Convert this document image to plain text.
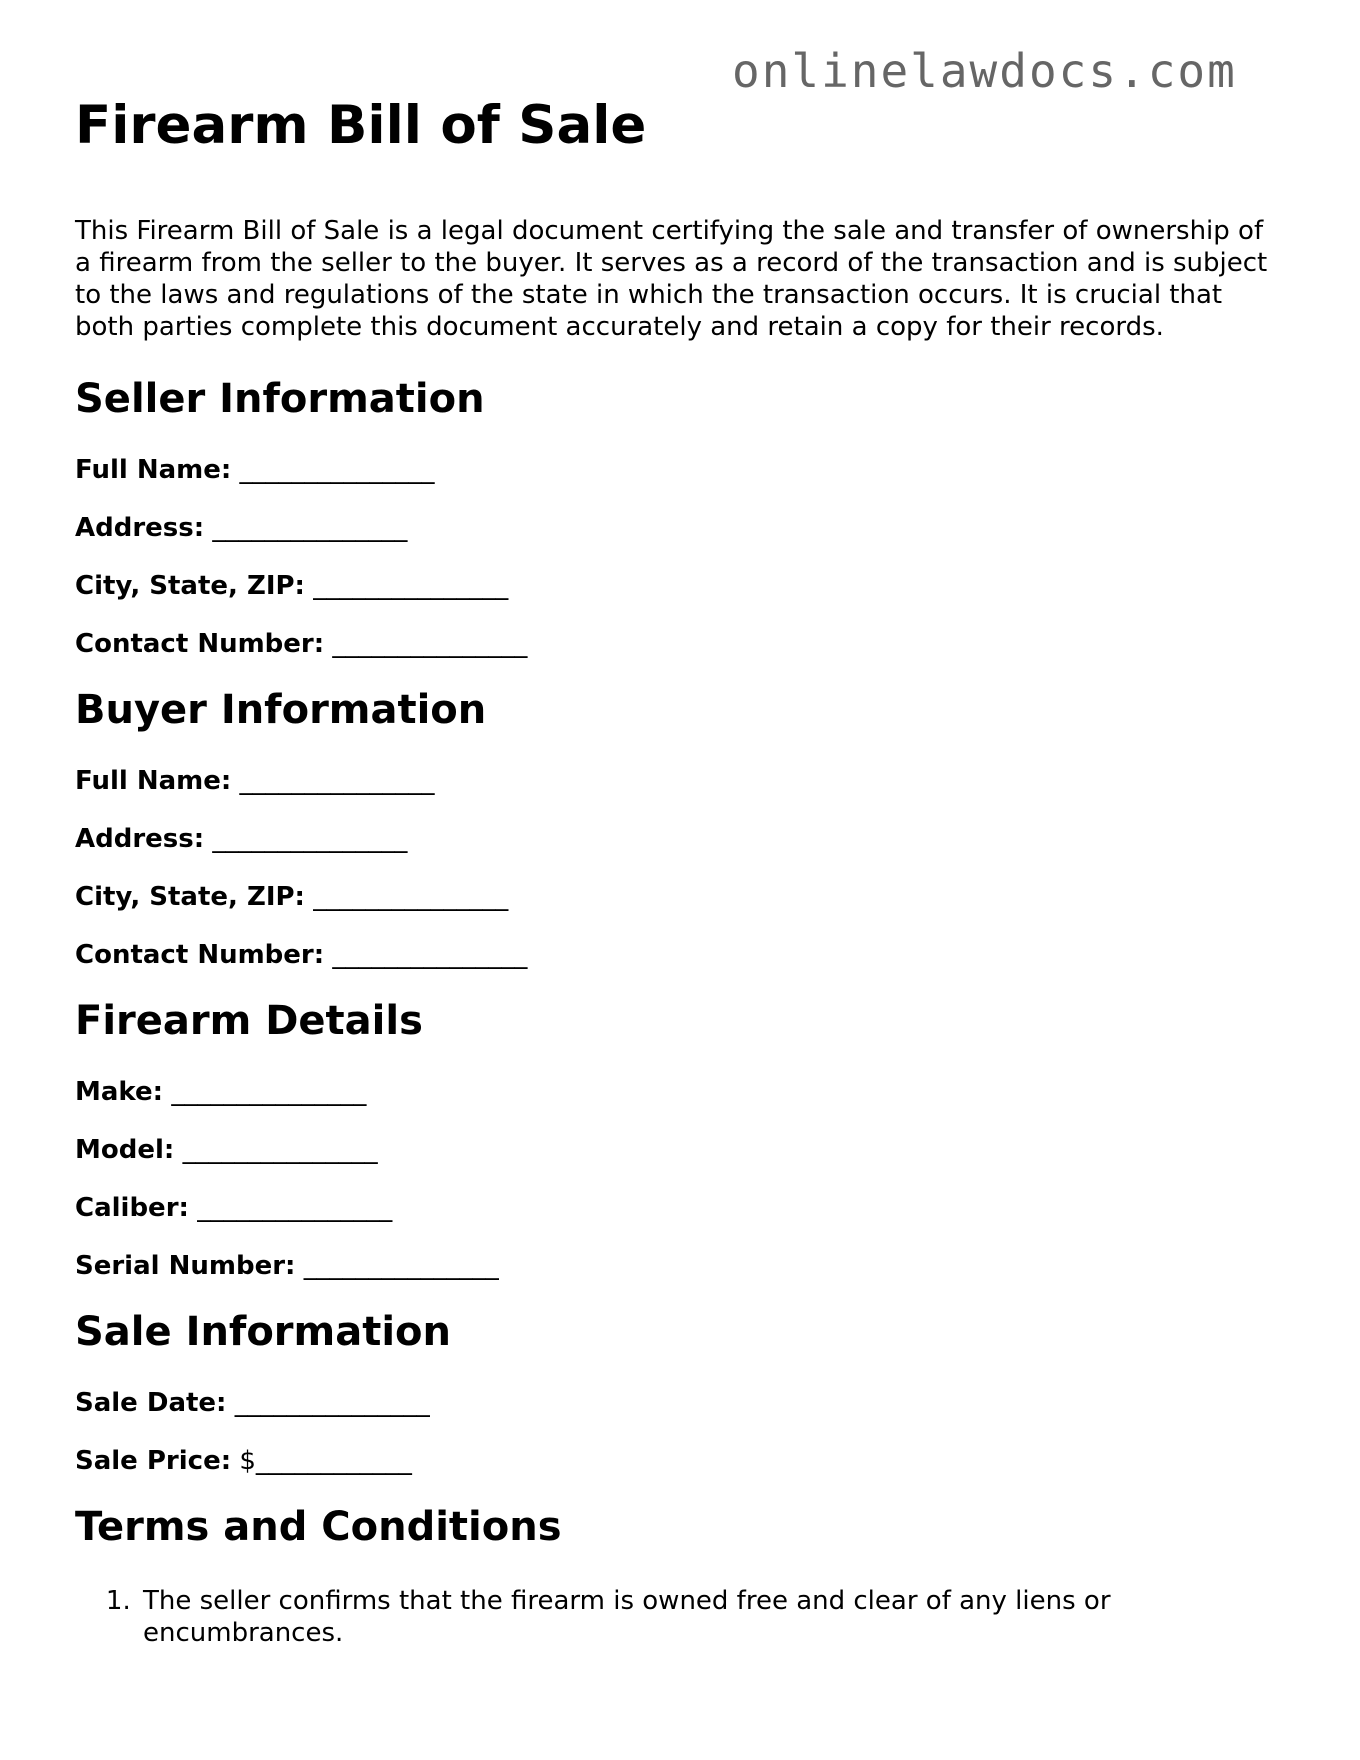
onlinelawdocs.com
Firearm Bill of Sale

This Firearm Bill of Sale is a legal document certifying the sale and transfer of ownership of a firearm from the seller to the buyer. It serves as a record of the transaction and is subject to the laws and regulations of the state in which the transaction occurs. It is crucial that both parties complete this document accurately and retain a copy for their records.

Seller Information
Full Name: _______________
Address: _______________
City, State, ZIP: _______________
Contact Number: _______________
Buyer Information
Full Name: _______________
Address: _______________
City, State, ZIP: _______________
Contact Number: _______________
Firearm Details
Make: _______________
Model: _______________
Caliber: _______________
Serial Number: _______________
Sale Information
Sale Date: _______________
Sale Price: $____________
Terms and Conditions
1. The seller confirms that the firearm is owned free and clear of any liens or encumbrances.
